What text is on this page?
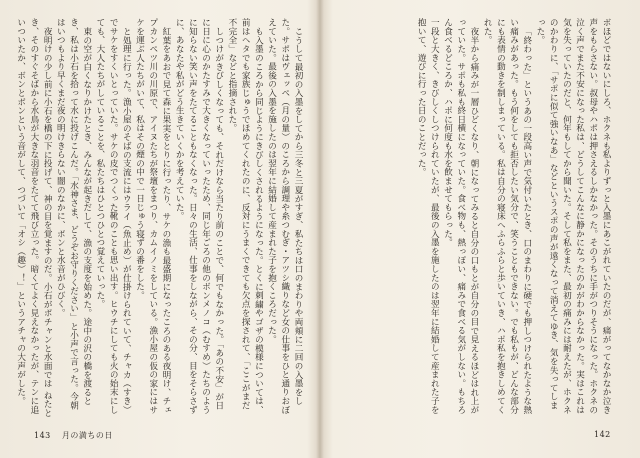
こうして最初の入墨をしてから三冬と三夏がすぎ、私たちは口のまわりや両頬に二回の入墨をした。サポはヴェッペ（月の量）のころから調理や糸つむぎ・アツシ織りなど女の仕事をひと通りおぼえていた。最後の入墨を施したのは翌年に結婚して産まれた子を抱くころだった。

も入墨のころから同じようにきびしくされるようになった。とくに刺繍やゴザの模様については、前はヘタでも家族じゅうでほめてくれたのに、反対にうまくできても欠点を探されて、「ここがまだ不完全」などと指摘された。

しつけがきびしくなっても、それだけなら当たり前のことで、何でもなかった。「あの不安」が日に日に心のかたすみで大きくなっていったため、同じ年ごろの他のボンメノコ（むすめ）たちのように知らない笑い声をたてることもなくなった。日々の生活、仕事をしながら、その分、目をそらさずに、あなたや私がどう生きていくかを考えていた。

紅葉をあおで見て森に果実をとりに行ったり、サケの漁も最盛期になったころのある夜明け、チェプカンペツ川の川原で、アイヌたちが祭壇をまつり、カムイノミをしている。漁小屋の仮の家にはサケを運ぶ人たちがいて、私はその煙の中で一日じゅう寝ずの番をした。

と処理に行った。漁小屋のそばの支流にはウライ（魚止め）が仕掛けられていて、チャカ（すき）でサケをすくいとっていた。サケの皮でつくった靴のことも思い出す。ヒウチにしても火の始末にしても、大人たちがしていることを、私たちはひとつひとつ覚えていった。

東の空が白くなりかけたとき、みんなが起きだして、漁の支度を始めた。途中の沢の橋を渡るとき、私は小石を拾って水に投げこんだ。「水神さま、どうぞお守りください」と小声で言った。今朝はいつもより早くまだ夜の明けきらない闇のなかに、ボンと水音がひびく。

夜明けの少し前に小石を橋の下に投げて、神の目を覚ますのだ。小石がポチャンと水面では ねたとき、そのすぐそばから水鳥が大きな羽音をたてて飛び立った。暗くてよく見えなかったが、テンに追いついたか、ボンとボンという音がして、つづいて「オシ（趣）！」というアチャの大声がした。

143 月の満ちの日

ボほどではないにしろ、ホクネも私よりずっと入墨にあこがれていたのだが、痛がってなかなか泣き声をもらさない。叔母やハポは押さえるしかなかった。そのうちに手がつりそうになった。ホクネの泣く声でまた不安になった私は、どうしてこんなに静かになったのかがわからなかった。実はこれは気を失っていたのだと、何年もしてから聞いた。そして私をまた、最初の痛みには耐えたが、ホクネのかわりに、「サポに似て強いなあ」などというスポの声が遠くなって消えてゆき、気を失ってしまった。

「終わった」というあの一段高い声で気付いたとき、口のまわりに硬でも押しつけられたような熱い痛みがあった。もう何をしても拒否したい気分で、笑うこともできない。でも私もが、どんな部分にも表情の動きを制しまっている。私は自分の寝床へふらふらと歩いていき、ハポ私を抱きしめてくれた。

夜半から痛みが一層ひどくなり、朝になってみると自分の口もとが自分の目で見えるほどはれ上がっていた。サポも私も終日横になっていた。食べ物も、熱っぽい、痛みで食べる気がしない。もちろん食べるどころか、ハポに何度も水を飲ませてもらった。

一段と大きく、きびしくしつけられていたが、最後の入墨を施したのは翌年に結婚して産まれた子を抱いて、遊びに行った日のことだった。

142
